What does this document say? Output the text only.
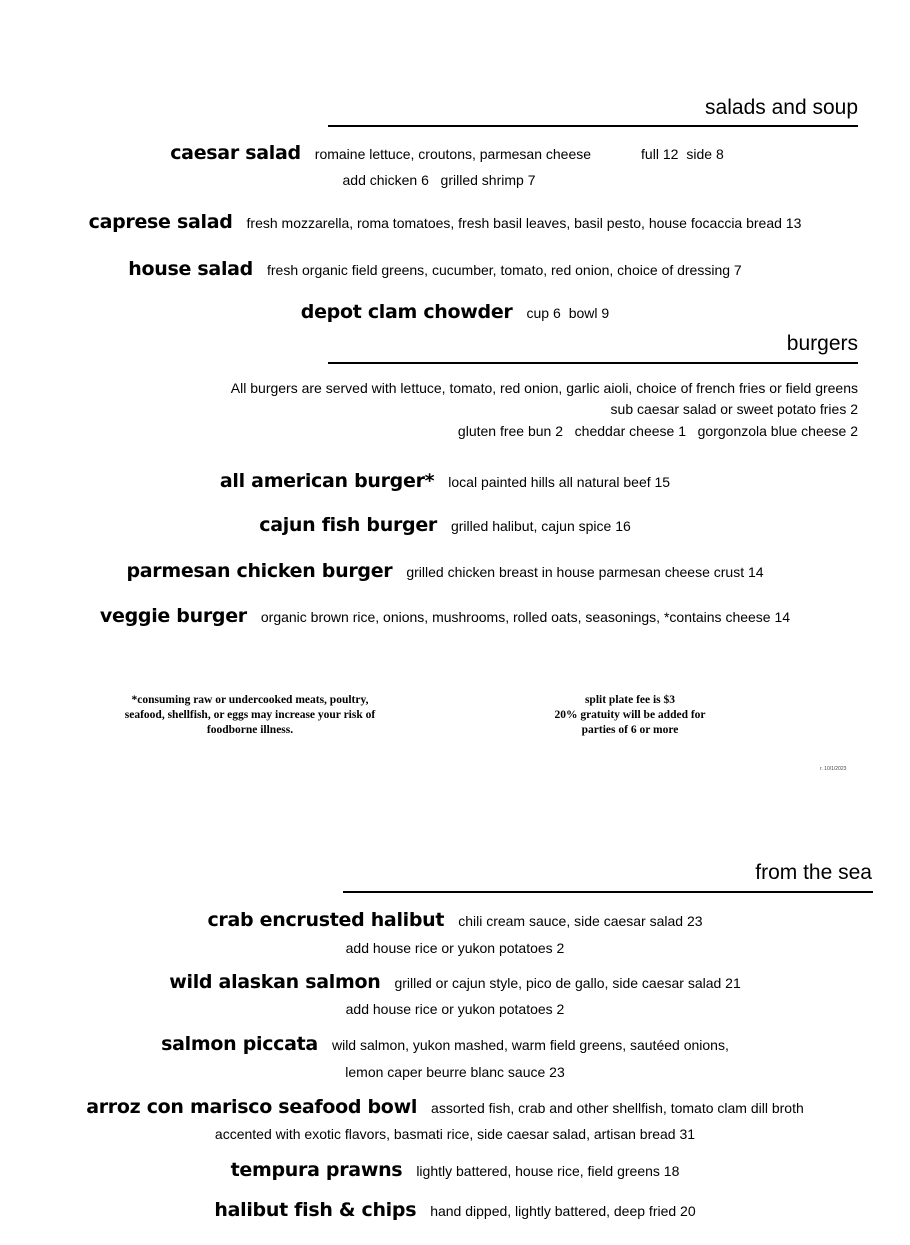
salads and soup
caesar salad romaine lettuce, croutons, parmesan cheese	full 12 side 8
add chicken 6   grilled shrimp 7
caprese salad fresh mozzarella, roma tomatoes, fresh basil leaves, basil pesto, house focaccia bread 13
house salad fresh organic field greens, cucumber, tomato, red onion, choice of dressing 7
depot clam chowder cup 6 bowl 9
burgers
All burgers are served with lettuce, tomato, red onion, garlic aioli, choice of french fries or field greens
sub caesar salad or sweet potato fries 2
gluten free bun 2   cheddar cheese 1   gorgonzola blue cheese 2
all american burger* local painted hills all natural beef 15
cajun fish burger grilled halibut, cajun spice 16
parmesan chicken burger grilled chicken breast in house parmesan cheese crust 14
veggie burger organic brown rice, onions, mushrooms, rolled oats, seasonings, *contains cheese 14
*consuming raw or undercooked meats, poultry,
seafood, shellfish, or eggs may increase your risk of
foodborne illness.
split plate fee is $3
20% gratuity will be added for
parties of 6 or more
r. 10/1/2023
from the sea
crab encrusted halibut chili cream sauce, side caesar salad 23
add house rice or yukon potatoes 2
wild alaskan salmon grilled or cajun style, pico de gallo, side caesar salad 21
add house rice or yukon potatoes 2
salmon piccata wild salmon, yukon mashed, warm field greens, sautéed onions,
lemon caper beurre blanc sauce 23
arroz con marisco seafood bowl assorted fish, crab and other shellfish, tomato clam dill broth
accented with exotic flavors, basmati rice, side caesar salad, artisan bread 31
tempura prawns lightly battered, house rice, field greens 18
halibut fish & chips hand dipped, lightly battered, deep fried 20
